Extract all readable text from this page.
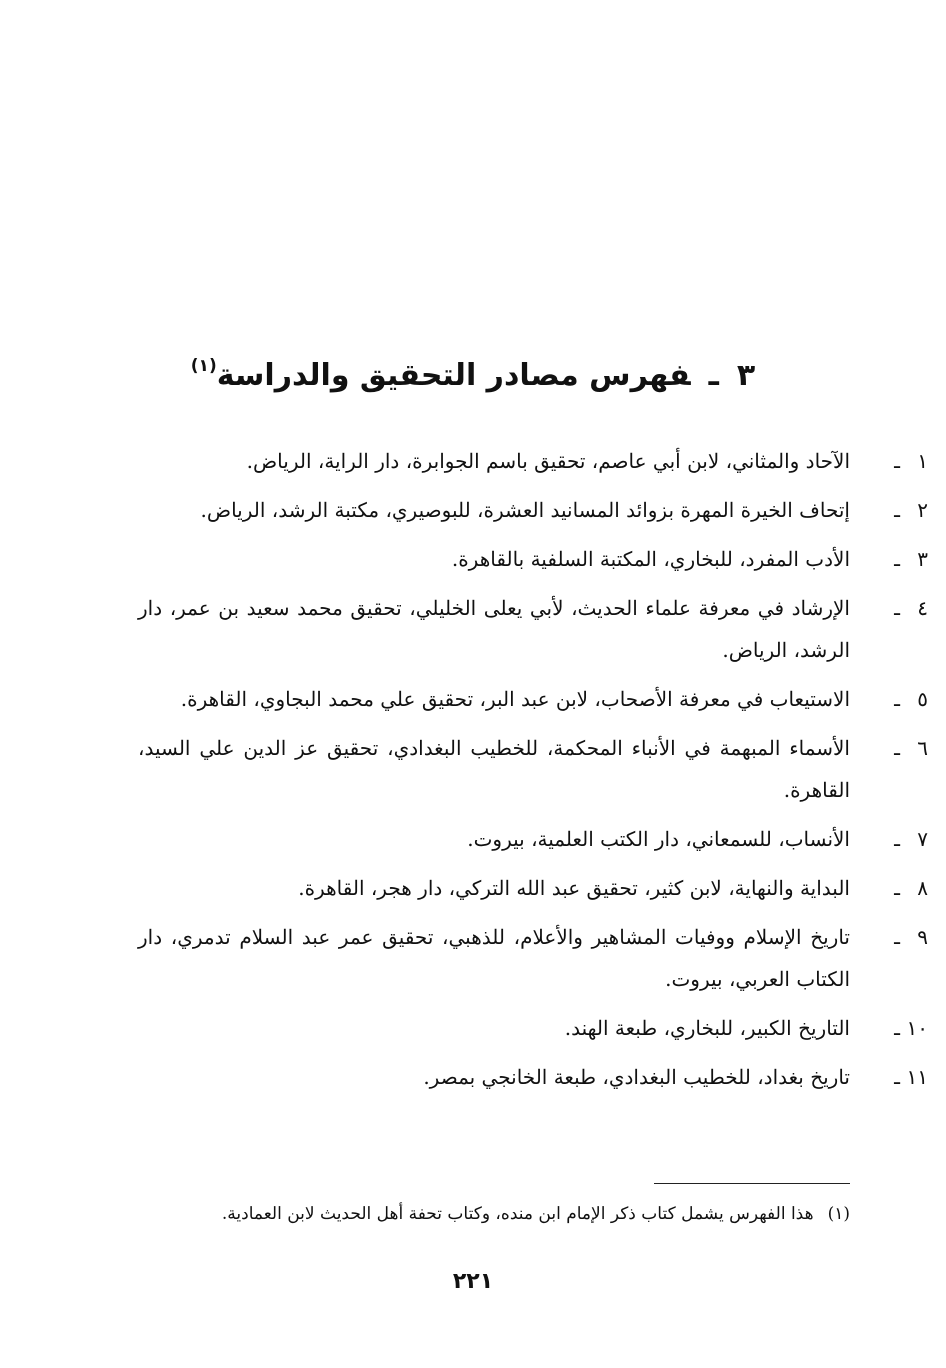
٣ـفهرس مصادر التحقيق والدراسة$^{(١)}$
١ـ
الآحاد والمثاني، لابن أبي عاصم، تحقيق باسم الجوابرة، دار الراية، الرياض.
٢ـ
إتحاف الخيرة المهرة بزوائد المسانيد العشرة، للبوصيري، مكتبة الرشد، الرياض.
٣ـ
الأدب المفرد، للبخاري، المكتبة السلفية بالقاهرة.
٤ـ
الإرشاد في معرفة علماء الحديث، لأبي يعلى الخليلي، تحقيق محمد سعيد بن عمر، دار الرشد، الرياض.
٥ـ
الاستيعاب في معرفة الأصحاب، لابن عبد البر، تحقيق علي محمد البجاوي، القاهرة.
٦ـ
الأسماء المبهمة في الأنباء المحكمة، للخطيب البغدادي، تحقيق عز الدين علي السيد، القاهرة.
٧ـ
الأنساب، للسمعاني، دار الكتب العلمية، بيروت.
٨ـ
البداية والنهاية، لابن كثير، تحقيق عبد الله التركي، دار هجر، القاهرة.
٩ـ
تاريخ الإسلام ووفيات المشاهير والأعلام، للذهبي، تحقيق عمر عبد السلام تدمري، دار الكتاب العربي، بيروت.
١٠ـ
التاريخ الكبير، للبخاري، طبعة الهند.
١١ـ
تاريخ بغداد، للخطيب البغدادي، طبعة الخانجي بمصر.
(١)هذا الفهرس يشمل كتاب ذكر الإمام ابن منده، وكتاب تحفة أهل الحديث لابن العمادية.
٢٢١
